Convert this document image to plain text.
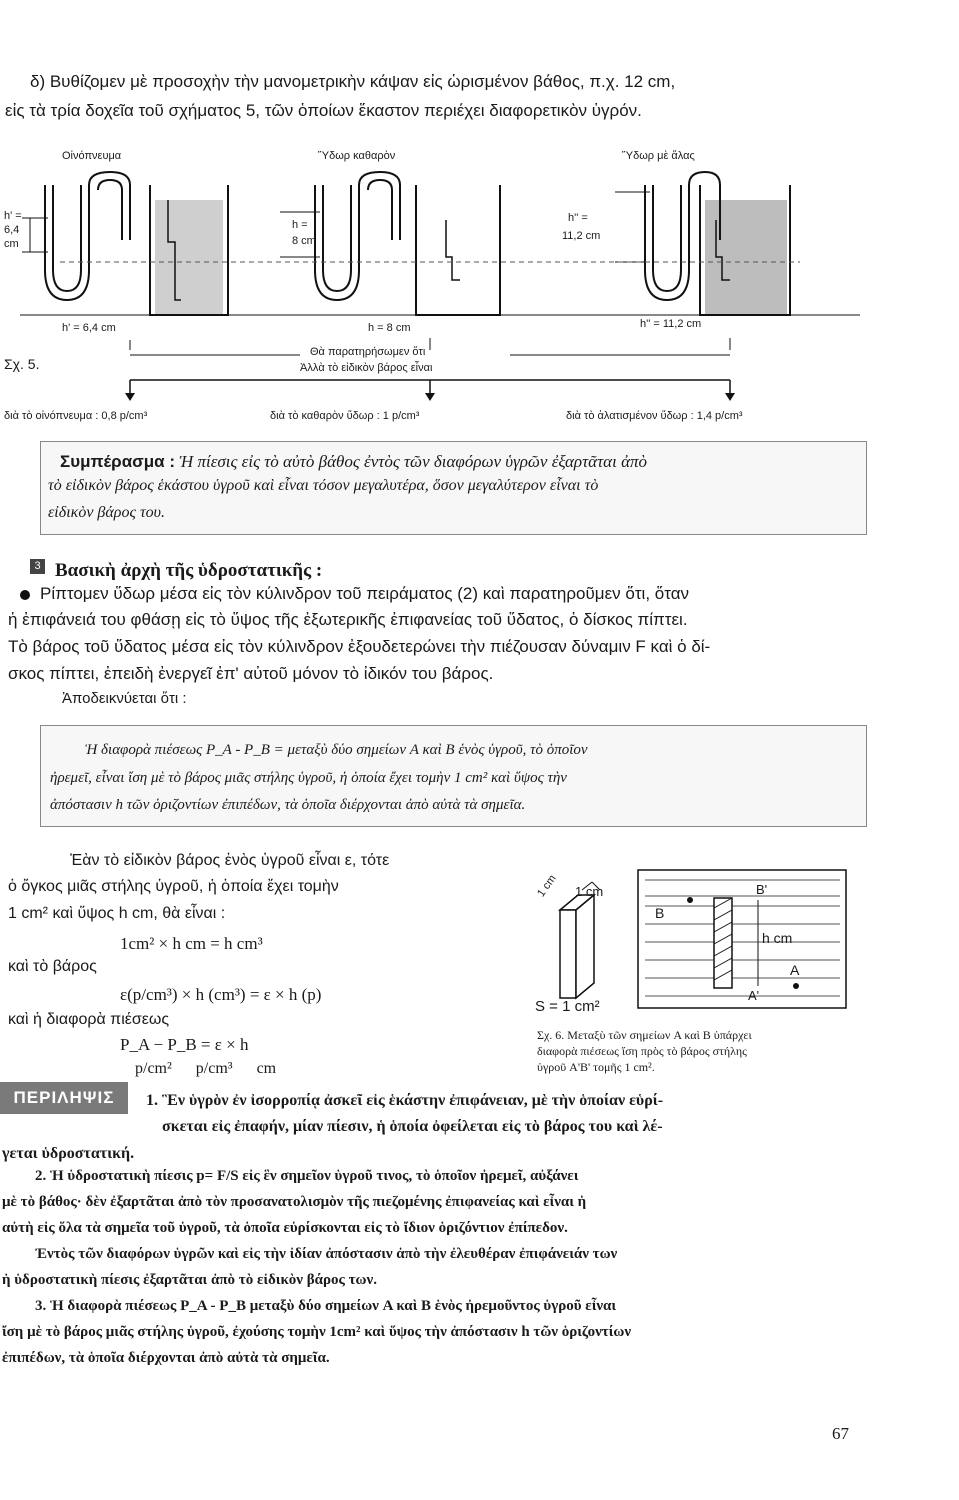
δ) Βυθίζομεν μὲ προσοχὴν τὴν μανομετρικὴν κάψαν εἰς ὡρισμένον βάθος, π.χ. 12 cm,
εἰς τὰ τρία δοχεῖα τοῦ σχήματος 5, τῶν ὁποίων ἕκαστον περιέχει διαφορετικὸν ὑγρόν.
Οἰνόπνευμα	Ὕδωρ καθαρὸν	Ὕδωρ μὲ ἅλας
h' =
6,4
cm
h =
8 cm
h'' =
11,2 cm
h' = 6,4 cm	h = 8 cm	h'' = 11,2 cm
Θὰ παρατηρήσωμεν ὅτι
Ἀλλὰ τὸ εἰδικὸν βάρος εἶναι
Σχ. 5.
διὰ τὸ οἰνόπνευμα : 0,8 p/cm³	διὰ τὸ καθαρὸν ὕδωρ : 1 p/cm³	διὰ τὸ ἁλατισμένον ὕδωρ : 1,4 p/cm³
Συμπέρασμα : Ἡ πίεσις εἰς τὸ αὐτὸ βάθος ἐντὸς τῶν διαφόρων ὑγρῶν ἐξαρτᾶται ἀπὸ
τὸ εἰδικὸν βάρος ἑκάστου ὑγροῦ καὶ εἶναι τόσον μεγαλυτέρα, ὅσον μεγαλύτερον εἶναι τὸ
εἰδικὸν βάρος του.
3 Βασικὴ ἀρχὴ τῆς ὑδροστατικῆς :
Ρίπτομεν ὕδωρ μέσα εἰς τὸν κύλινδρον τοῦ πειράματος (2) καὶ παρατηροῦμεν ὅτι, ὅταν
ἡ ἐπιφάνειά του φθάσῃ εἰς τὸ ὕψος τῆς ἐξωτερικῆς ἐπιφανείας τοῦ ὕδατος, ὁ δίσκος πίπτει.
Τὸ βάρος τοῦ ὕδατος μέσα εἰς τὸν κύλινδρον ἐξουδετερώνει τὴν πιέζουσαν δύναμιν F καὶ ὁ δί-
σκος πίπτει, ἐπειδὴ ἐνεργεῖ ἐπ' αὐτοῦ μόνον τὸ ἰδικόν του βάρος.
Ἀποδεικνύεται ὅτι :
Ἡ διαφορὰ πιέσεως P_A - P_B = μεταξὺ δύο σημείων A καὶ B ἑνὸς ὑγροῦ, τὸ ὁποῖον
ἠρεμεῖ, εἶναι ἴση μὲ τὸ βάρος μιᾶς στήλης ὑγροῦ, ἡ ὁποία ἔχει τομὴν 1 cm² καὶ ὕψος τὴν
ἀπόστασιν h τῶν ὁριζοντίων ἐπιπέδων, τὰ ὁποῖα διέρχονται ἀπὸ αὐτὰ τὰ σημεῖα.
Ἐὰν τὸ εἰδικὸν βάρος ἑνὸς ὑγροῦ εἶναι ε, τότε
ὁ ὄγκος μιᾶς στήλης ὑγροῦ, ἡ ὁποία ἔχει τομὴν
1 cm² καὶ ὕψος h cm, θὰ εἶναι :
1cm² × h cm = h cm³
καὶ τὸ βάρος
ε(p/cm³) × h (cm³) = ε × h (p)
καὶ ἡ διαφορὰ πιέσεως
P_A − P_B = ε × h
p/cm²      p/cm³      cm
1 cm 1 cm
S = 1 cm²
B'
B
A
A'
h cm
Σχ. 6. Μεταξὺ τῶν σημείων A καὶ B ὑπάρχει
διαφορὰ πιέσεως ἴση πρὸς τὸ βάρος στήλης
ὑγροῦ A'B' τομῆς 1 cm².
ΠΕΡΙΛΗΨΙΣ	1. Ἓν ὑγρὸν ἐν ἰσορροπίᾳ ἀσκεῖ εἰς ἑκάστην ἐπιφάνειαν, μὲ τὴν ὁποίαν εὑρί-
σκεται εἰς ἐπαφήν, μίαν πίεσιν, ἡ ὁποία ὀφείλεται εἰς τὸ βάρος του καὶ λέ-
γεται ὑδροστατική.
2. Ἡ ὑδροστατικὴ πίεσις p= F/S εἰς ἓν σημεῖον ὑγροῦ τινος, τὸ ὁποῖον ἠρεμεῖ, αὐξάνει
μὲ τὸ βάθος· δὲν ἐξαρτᾶται ἀπὸ τὸν προσανατολισμὸν τῆς πιεζομένης ἐπιφανείας καὶ εἶναι ἡ
αὐτὴ εἰς ὅλα τὰ σημεῖα τοῦ ὑγροῦ, τὰ ὁποῖα εὑρίσκονται εἰς τὸ ἴδιον ὁριζόντιον ἐπίπεδον.
Ἐντὸς τῶν διαφόρων ὑγρῶν καὶ εἰς τὴν ἰδίαν ἀπόστασιν ἀπὸ τὴν ἐλευθέραν ἐπιφάνειάν των
ἡ ὑδροστατικὴ πίεσις ἐξαρτᾶται ἀπὸ τὸ εἰδικὸν βάρος των.
3. Ἡ διαφορὰ πιέσεως P_A - P_B μεταξὺ δύο σημείων A καὶ B ἑνὸς ἠρεμοῦντος ὑγροῦ εἶναι
ἴση μὲ τὸ βάρος μιᾶς στήλης ὑγροῦ, ἐχούσης τομὴν 1cm² καὶ ὕψος τὴν ἀπόστασιν h τῶν ὁριζοντίων
ἐπιπέδων, τὰ ὁποῖα διέρχονται ἀπὸ αὐτὰ τὰ σημεῖα.
67
